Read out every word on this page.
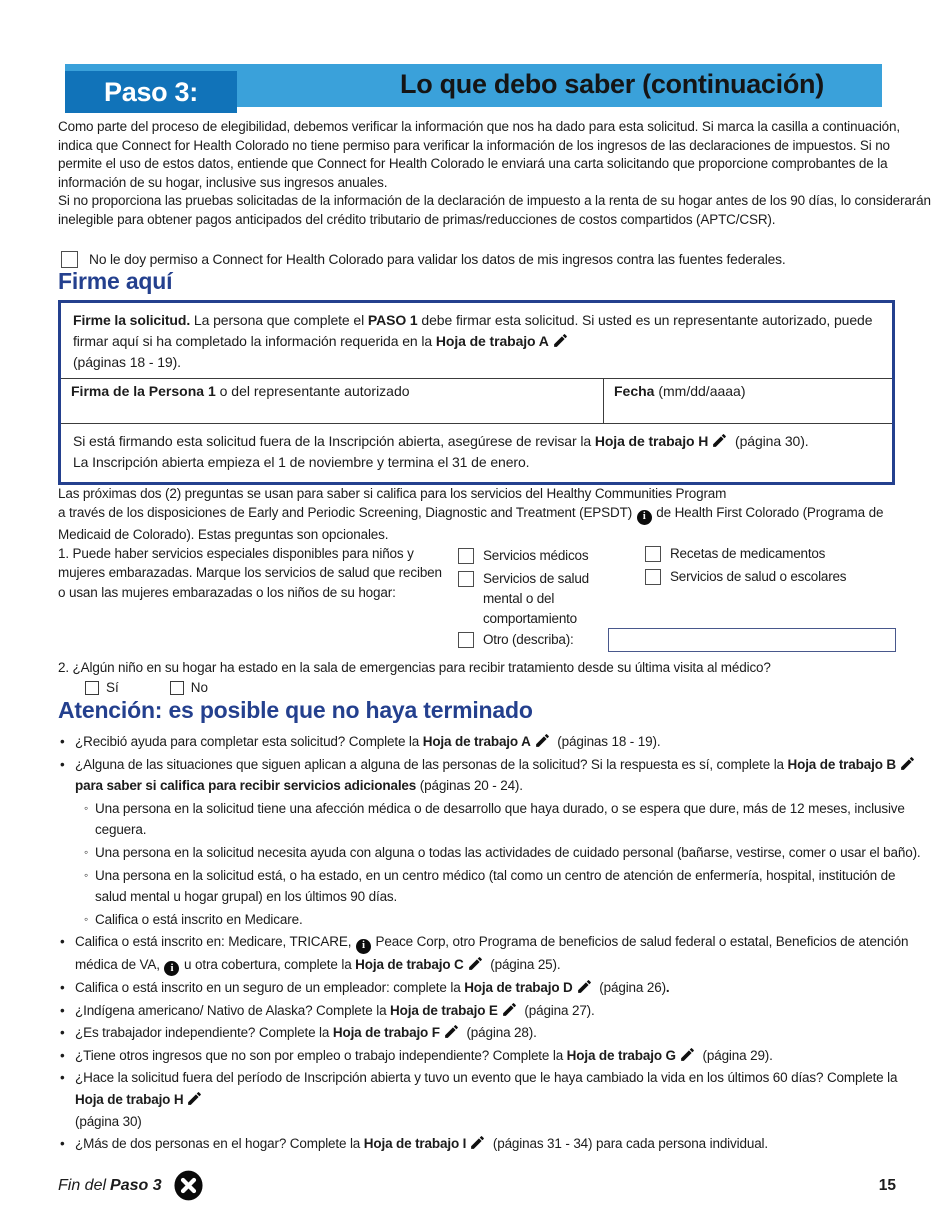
Lo que debo saber (continuación)
Paso 3:

Como parte del proceso de elegibilidad, debemos verificar la información que nos ha dado para esta solicitud. Si marca la casilla a continuación, indica que Connect for Health Colorado no tiene permiso para verificar la información de los ingresos de las declaraciones de impuestos. Si no permite el uso de estos datos, entiende que Connect for Health Colorado le enviará una carta solicitando que proporcione comprobantes de la información de su hogar, inclusive sus ingresos anuales.

Si no proporciona las pruebas solicitadas de la información de la declaración de impuesto a la renta de su hogar antes de los 90 días, lo considerarán inelegible para obtener pagos anticipados del crédito tributario de primas/reducciones de costos compartidos (APTC/CSR).

No le doy permiso a Connect for Health Colorado para validar los datos de mis ingresos contra las fuentes federales.
Firme aquí
Firme la solicitud. La persona que complete el PASO 1 debe firmar esta solicitud. Si usted es un representante autorizado, puede firmar aquí si ha completado la información requerida en la Hoja de trabajo A
(páginas 18 - 19).
Firma de la Persona 1 o del representante autorizado	Fecha (mm/dd/aaaa)
Si está firmando esta solicitud fuera de la Inscripción abierta, asegúrese de revisar la Hoja de trabajo H (página 30).
La Inscripción abierta empieza el 1 de noviembre y termina el 31 de enero.

Las próximas dos (2) preguntas se usan para saber si califica para los servicios del Healthy Communities Program
a través de los disposiciones de Early and Periodic Screening, Diagnostic and Treatment (EPSDT) i de Health First Colorado (Programa de Medicaid de Colorado). Estas preguntas son opcionales.

1. Puede haber servicios especiales disponibles para niños y mujeres embarazadas. Marque los servicios de salud que reciben o usan las mujeres embarazadas o los niños de su hogar:
Servicios médicos
Servicios de salud mental o del comportamiento
Recetas de medicamentos
Servicios de salud o escolares
Otro (describa):
2. ¿Algún niño en su hogar ha estado en la sala de emergencias para recibir tratamiento desde su última visita al médico?
Sí	No
Atención: es posible que no haya terminado
• ¿Recibió ayuda para completar esta solicitud? Complete la Hoja de trabajo A (páginas 18 - 19).
• ¿Alguna de las situaciones que siguen aplican a alguna de las personas de la solicitud? Si la respuesta es sí, complete la Hoja de trabajo B para saber si califica para recibir servicios adicionales (páginas 20 - 24).
◦ Una persona en la solicitud tiene una afección médica o de desarrollo que haya durado, o se espera que dure, más de 12 meses, inclusive ceguera.
◦ Una persona en la solicitud necesita ayuda con alguna o todas las actividades de cuidado personal (bañarse, vestirse, comer o usar el baño).
◦ Una persona en la solicitud está, o ha estado, en un centro médico (tal como un centro de atención de enfermería, hospital, institución de salud mental u hogar grupal) en los últimos 90 días.
◦ Califica o está inscrito en Medicare.
• Califica o está inscrito en: Medicare, TRICARE, i Peace Corp, otro Programa de beneficios de salud federal o estatal, Beneficios de atención médica de VA, i u otra cobertura, complete la Hoja de trabajo C (página 25).
• Califica o está inscrito en un seguro de un empleador: complete la Hoja de trabajo D (página 26).
• ¿Indígena americano/ Nativo de Alaska? Complete la Hoja de trabajo E (página 27).
• ¿Es trabajador independiente? Complete la Hoja de trabajo F (página 28).
• ¿Tiene otros ingresos que no son por empleo o trabajo independiente? Complete la Hoja de trabajo G (página 29).
• ¿Hace la solicitud fuera del período de Inscripción abierta y tuvo un evento que le haya cambiado la vida en los últimos 60 días? Complete la Hoja de trabajo H
(página 30)
• ¿Más de dos personas en el hogar? Complete la Hoja de trabajo I (páginas 31 - 34) para cada persona individual.
Fin del Paso 3	15
